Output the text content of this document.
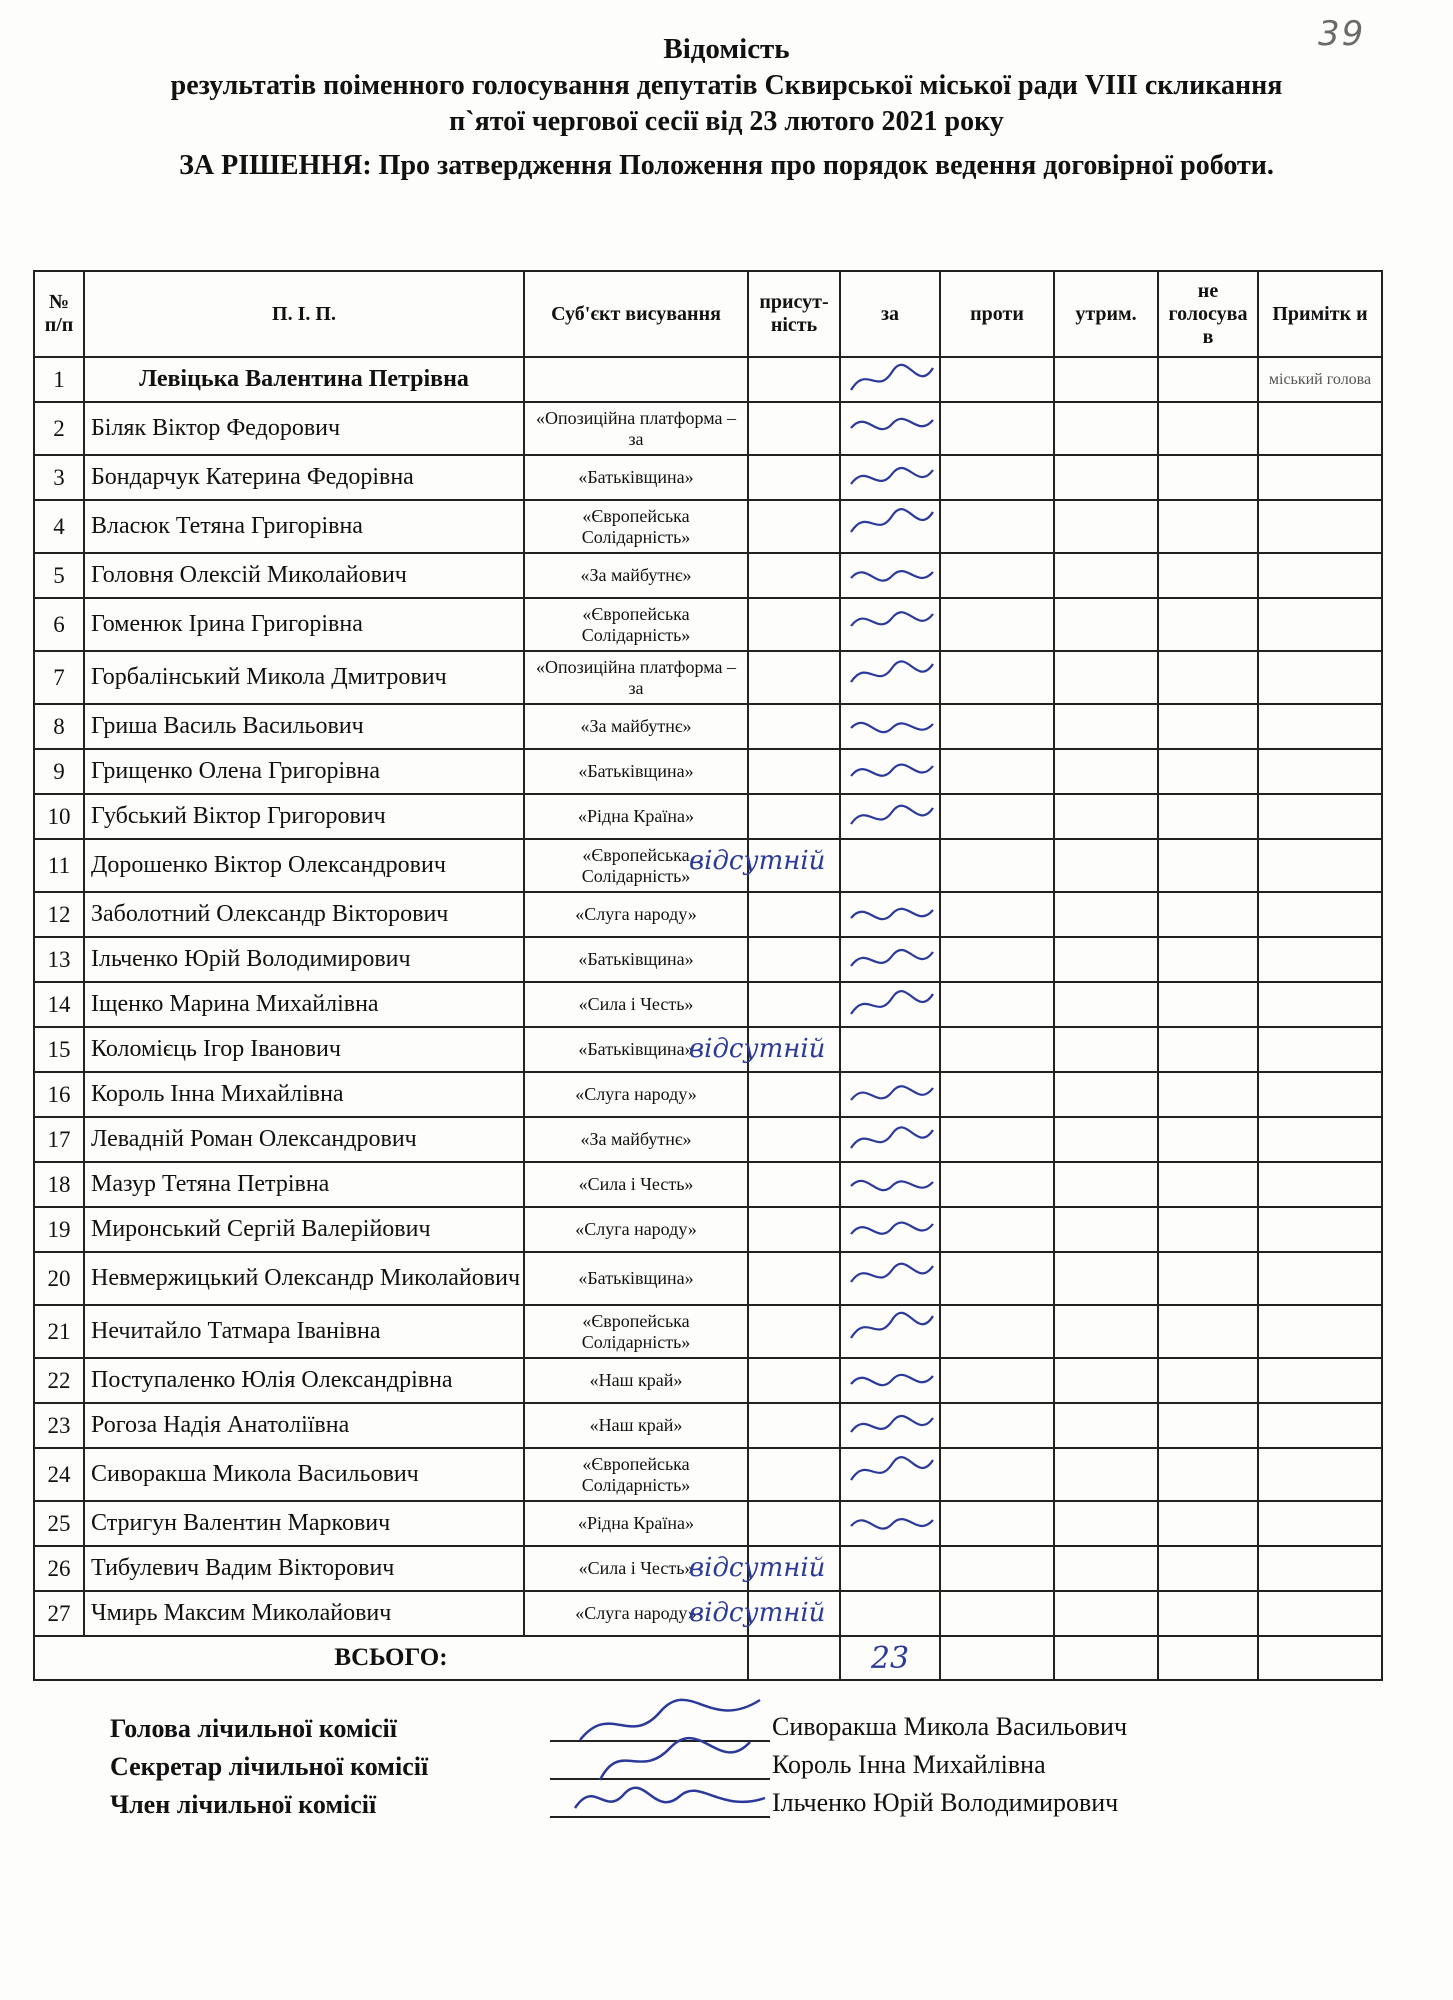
39
Відомість
результатів поіменного голосування депутатів Сквирської міської ради VIII скликання
п`ятої чергової сесії від 23 лютого 2021 року
ЗА РІШЕННЯ: Про затвердження Положення про порядок ведення договірної роботи.
№ п/п	П. І. П.	Суб'єкт висування	присут-ність	за	проти	утрим.	не голосува в	Примітк и
1	Левіцька Валентина Петрівна							міський голова
2	Біляк Віктор Федорович	«Опозиційна платформа – за		

3	Бондарчук Катерина Федорівна	«Батьківщина»		

4	Власюк Тетяна Григорівна	«Європейська Солідарність»		

5	Головня Олексій Миколайович	«За майбутнє»		

6	Гоменюк Ірина Григорівна	«Європейська Солідарність»		

7	Горбалінський Микола Дмитрович	«Опозиційна платформа – за		

8	Гриша Василь Васильович	«За майбутнє»		

9	Грищенко Олена Григорівна	«Батьківщина»		

10	Губський Віктор Григорович	«Рідна Країна»		

11	Дорошенко Віктор Олександрович	«Європейська Солідарність»	відсутній					

12	Заболотний Олександр Вікторович	«Слуга народу»		

13	Ільченко Юрій Володимирович	«Батьківщина»		

14	Іщенко Марина Михайлівна	«Сила і Честь»		

15	Коломієць Ігор Іванович	«Батьківщина»	відсутній					

16	Король Інна Михайлівна	«Слуга народу»		

17	Левадній Роман Олександрович	«За майбутнє»		

18	Мазур Тетяна Петрівна	«Сила і Честь»		

19	Миронський Сергій Валерійович	«Слуга народу»		

20	Невмержицький Олександр Миколайович	«Батьківщина»		

21	Нечитайло Татмара Іванівна	«Європейська Солідарність»		

22	Поступаленко Юлія Олександрівна	«Наш край»		

23	Рогоза Надія Анатоліївна	«Наш край»		

24	Сиворакша Микола Васильович	«Європейська Солідарність»		

25	Стригун Валентин Маркович	«Рідна Країна»		

26	Тибулевич Вадим Вікторович	«Сила і Честь»	відсутній					

27	Чмирь Максим Миколайович	«Слуга народу»	відсутній					

ВСЬОГО:				23				
Голова лічильної комісії	Сиворакша Микола Васильович
Секретар лічильної комісії	Король Інна Михайлівна
Член лічильної комісії	Ільченко Юрій Володимирович
